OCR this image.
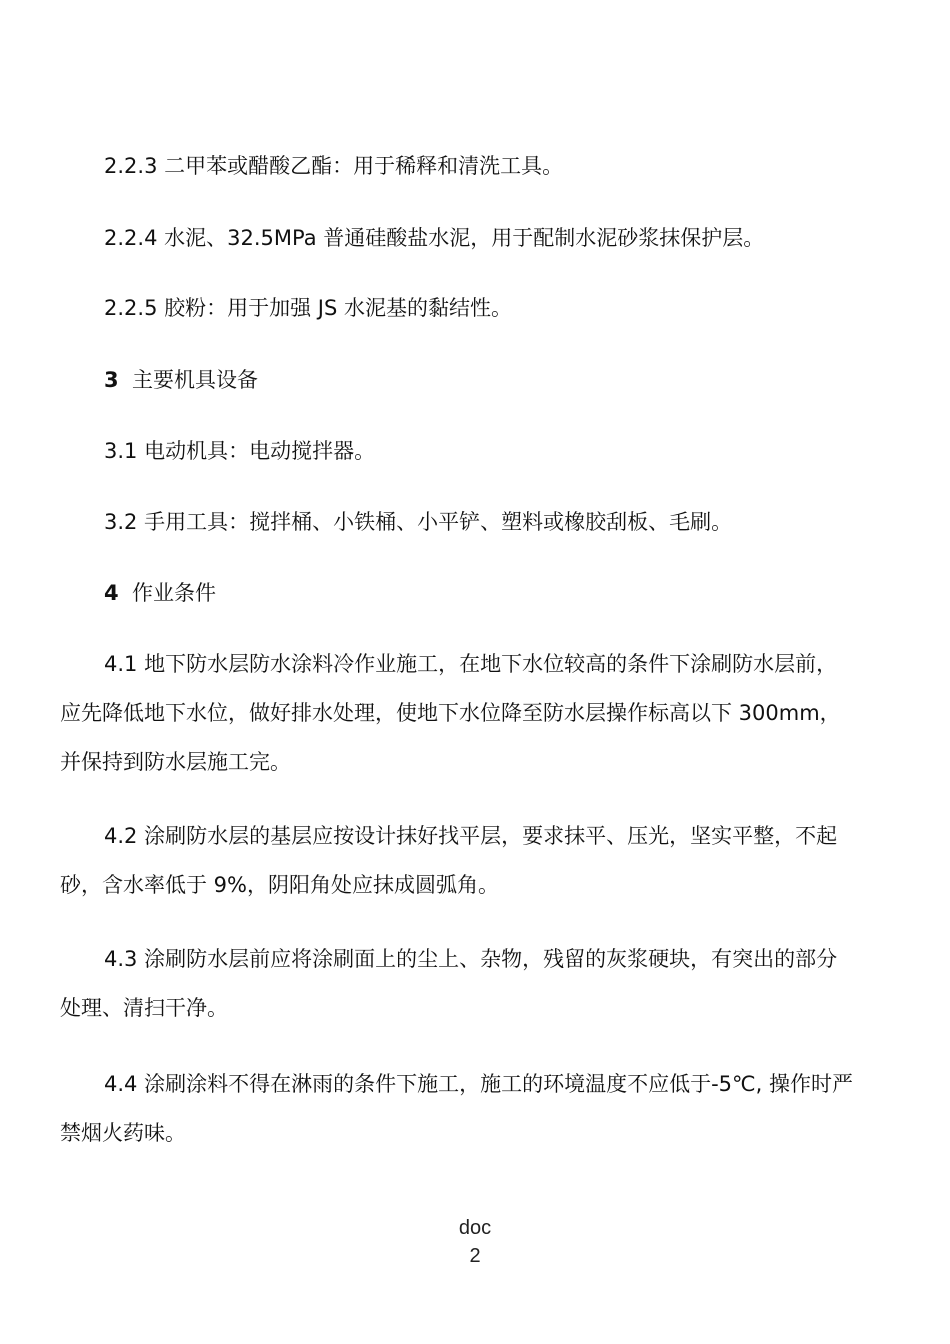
2.2.3 二甲苯或醋酸乙酯：用于稀释和清洗工具。

2.2.4 水泥、32.5MPa 普通硅酸盐水泥，用于配制水泥砂浆抹保护层。

2.2.5 胶粉：用于加强 JS 水泥基的黏结性。

3 主要机具设备

3.1 电动机具：电动搅拌器。

3.2 手用工具：搅拌桶、小铁桶、小平铲、塑料或橡胶刮板、毛刷。

4 作业条件

4.1 地下防水层防水涂料冷作业施工，在地下水位较高的条件下涂刷防水层前，

应先降低地下水位，做好排水处理，使地下水位降至防水层操作标高以下 300mm，

并保持到防水层施工完。

4.2 涂刷防水层的基层应按设计抹好找平层，要求抹平、压光，坚实平整，不起

砂，含水率低于 9%，阴阳角处应抹成圆弧角。

4.3 涂刷防水层前应将涂刷面上的尘上、杂物，残留的灰浆硬块，有突出的部分

处理、清扫干净。

4.4 涂刷涂料不得在淋雨的条件下施工，施工的环境温度不应低于-5℃, 操作时严

禁烟火药味。

doc
2
